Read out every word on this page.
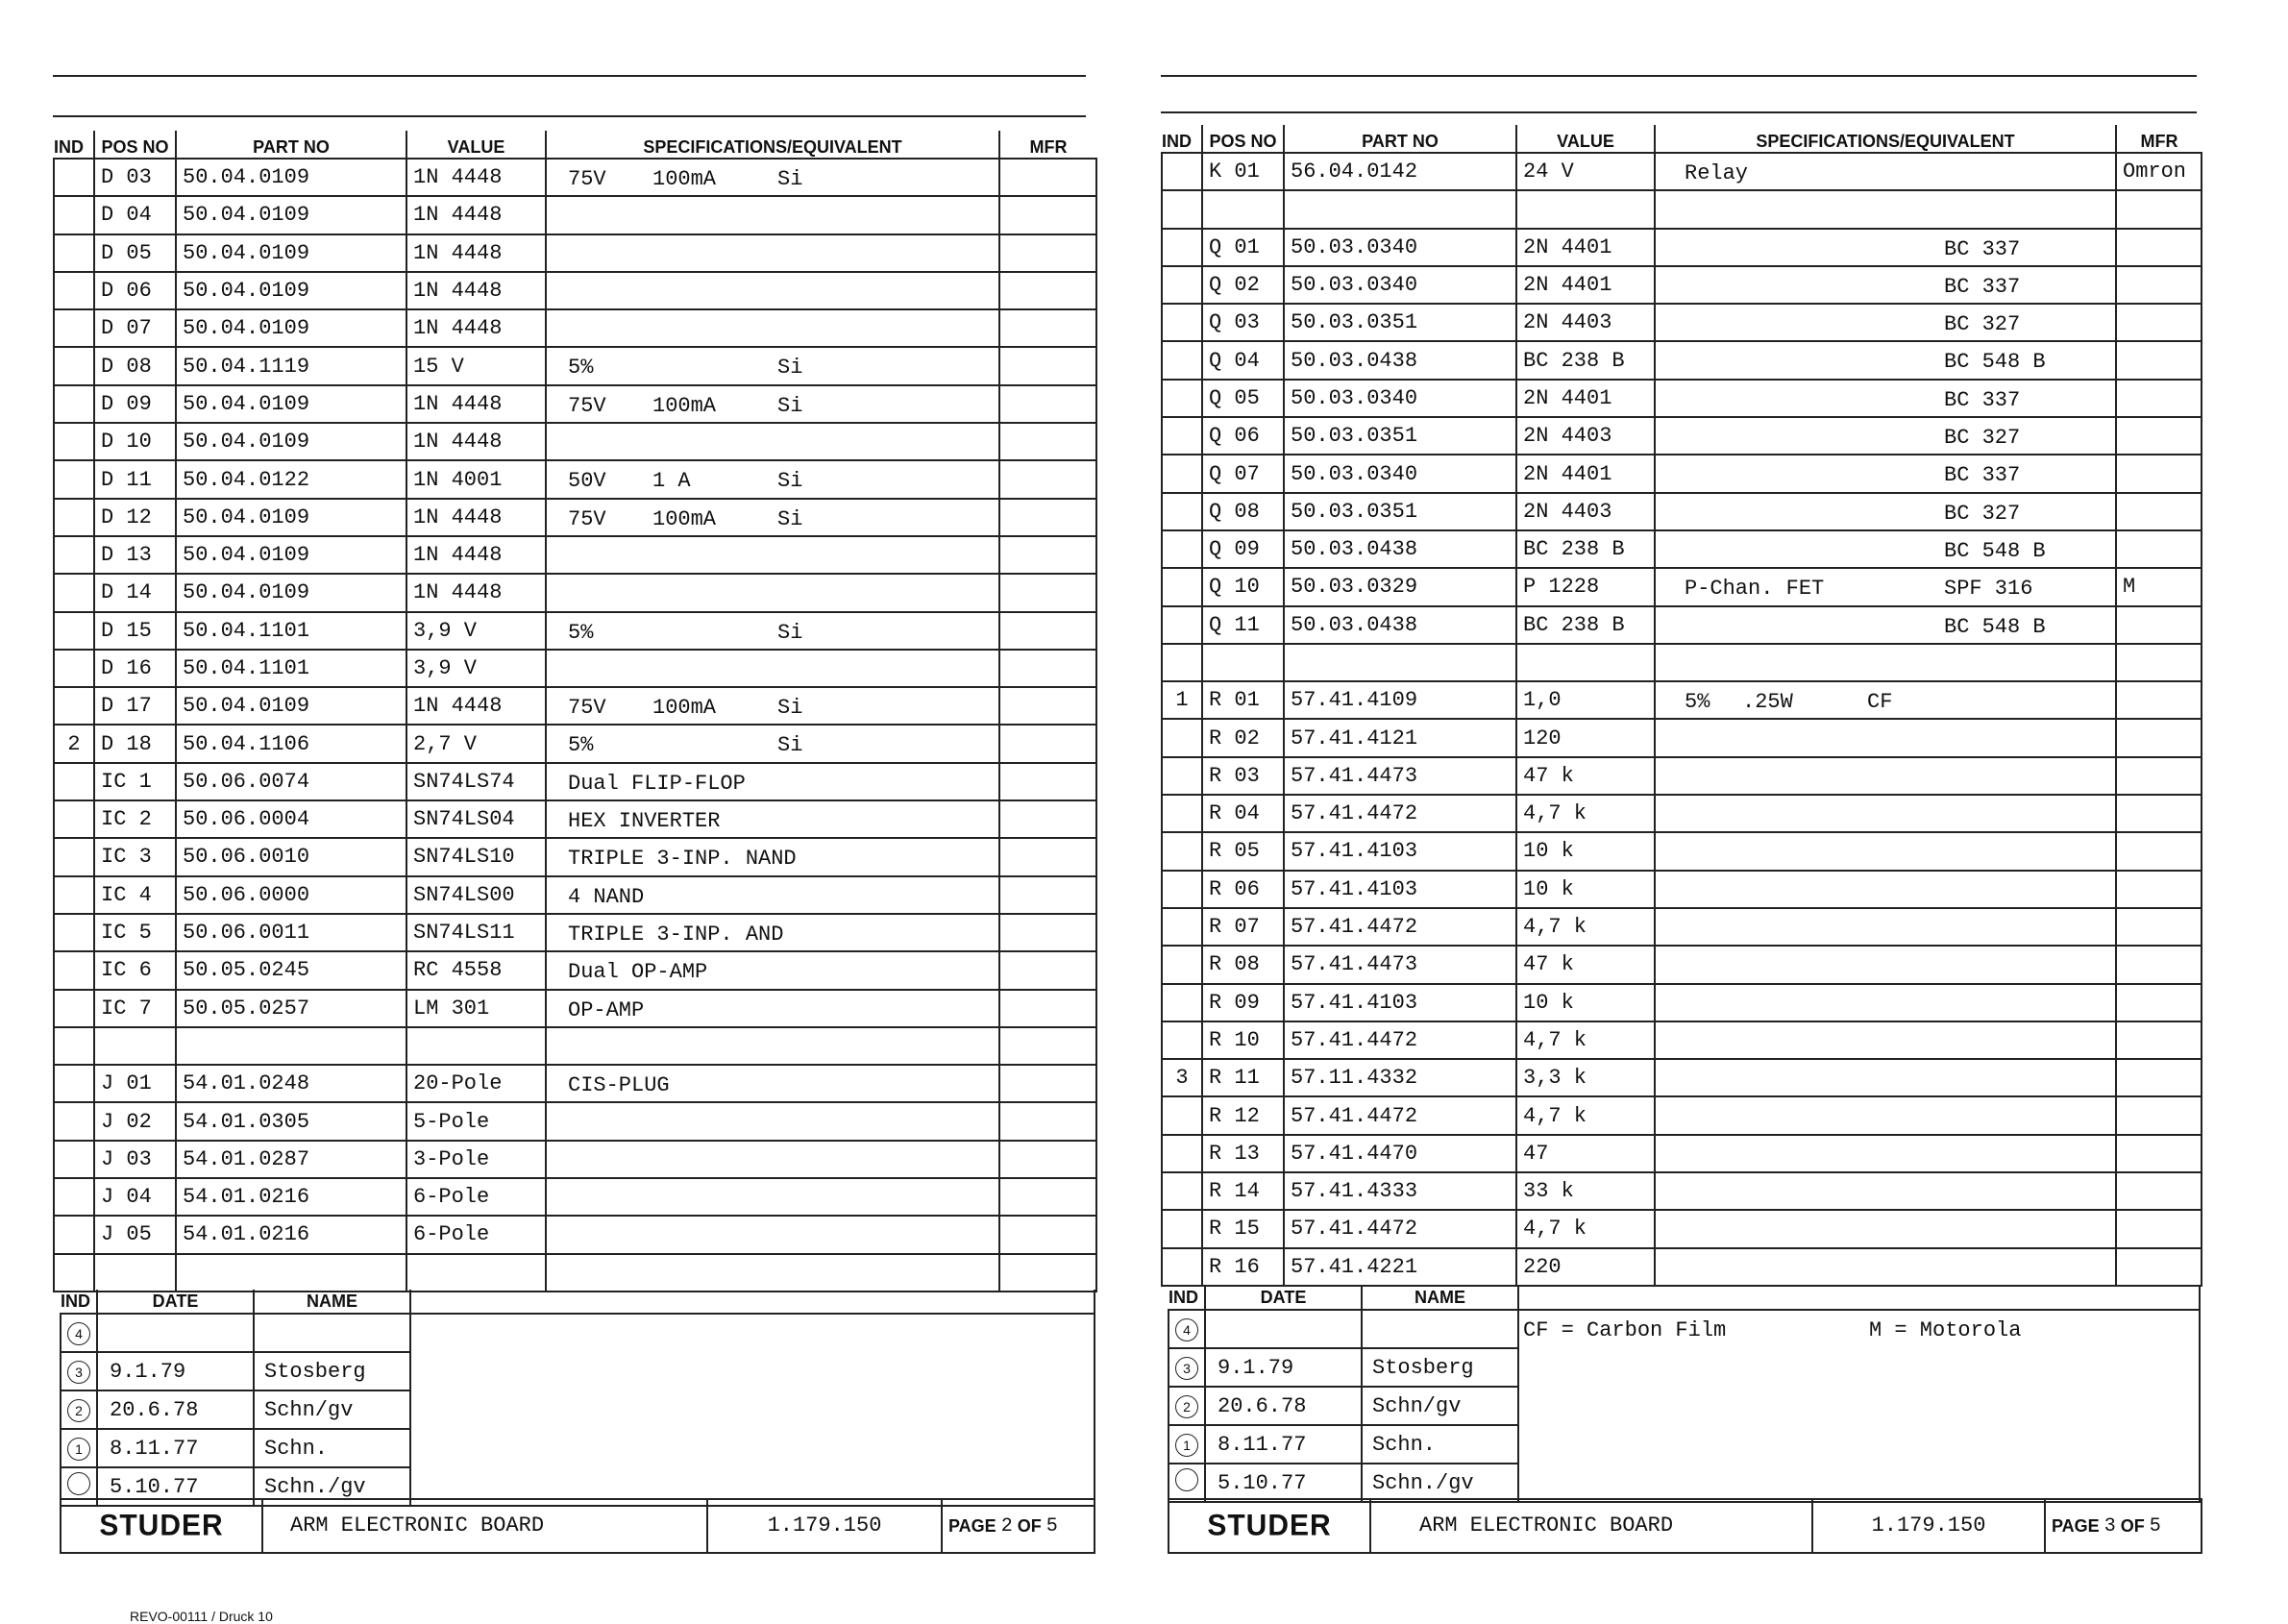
IND	POS NO	PART NO	VALUE	SPECIFICATIONS/EQUIVALENT	MFR
	D 03	50.04.0109	1N 4448	75V 100mA Si	

	D 04	50.04.0109	1N 4448	

	D 05	50.04.0109	1N 4448	

	D 06	50.04.0109	1N 4448	

	D 07	50.04.0109	1N 4448	

	D 08	50.04.1119	15 V	5% Si	

	D 09	50.04.0109	1N 4448	75V 100mA Si	

	D 10	50.04.0109	1N 4448	

	D 11	50.04.0122	1N 4001	50V 1 A Si	

	D 12	50.04.0109	1N 4448	75V 100mA Si	

	D 13	50.04.0109	1N 4448	

	D 14	50.04.0109	1N 4448	

	D 15	50.04.1101	3,9 V	5% Si	

	D 16	50.04.1101	3,9 V	

	D 17	50.04.0109	1N 4448	75V 100mA Si	

2	D 18	50.04.1106	2,7 V	5% Si	

	IC 1	50.06.0074	SN74LS74	Dual FLIP-FLOP	

	IC 2	50.06.0004	SN74LS04	HEX INVERTER	

	IC 3	50.06.0010	SN74LS10	TRIPLE 3-INP. NAND	

	IC 4	50.06.0000	SN74LS00	4 NAND	

	IC 5	50.06.0011	SN74LS11	TRIPLE 3-INP. AND	

	IC 6	50.05.0245	RC 4558	Dual OP-AMP	

	IC 7	50.05.0257	LM 301	OP-AMP	

	J 01	54.01.0248	20-Pole	CIS-PLUG	

	J 02	54.01.0305	5-Pole	

	J 03	54.01.0287	3-Pole	

	J 04	54.01.0216	6-Pole	

	J 05	54.01.0216	6-Pole	

IND	DATE	NAME	
4			

3	9.1.79	Stosberg	
2	20.6.78	Schn/gv	
1	8.11.77	Schn.	
	5.10.77	Schn./gv	
STUDER	ARM ELECTRONIC BOARD	1.179.150	PAGE
2
OF
5
IND	POS NO	PART NO	VALUE	SPECIFICATIONS/EQUIVALENT	MFR
	K 01	56.04.0142	24 V	Relay	Omron

	Q 01	50.03.0340	2N 4401	BC 337	

	Q 02	50.03.0340	2N 4401	BC 337	

	Q 03	50.03.0351	2N 4403	BC 327	

	Q 04	50.03.0438	BC 238 B	BC 548 B	

	Q 05	50.03.0340	2N 4401	BC 337	

	Q 06	50.03.0351	2N 4403	BC 327	

	Q 07	50.03.0340	2N 4401	BC 337	

	Q 08	50.03.0351	2N 4403	BC 327	

	Q 09	50.03.0438	BC 238 B	BC 548 B	

	Q 10	50.03.0329	P 1228	P-Chan. FET SPF 316	M
	Q 11	50.03.0438	BC 238 B	BC 548 B	

1	R 01	57.41.4109	1,0	5% .25W CF	

	R 02	57.41.4121	120	

	R 03	57.41.4473	47 k	

	R 04	57.41.4472	4,7 k	

	R 05	57.41.4103	10 k	

	R 06	57.41.4103	10 k	

	R 07	57.41.4472	4,7 k	

	R 08	57.41.4473	47 k	

	R 09	57.41.4103	10 k	

	R 10	57.41.4472	4,7 k	

3	R 11	57.11.4332	3,3 k	

	R 12	57.41.4472	4,7 k	

	R 13	57.41.4470	47	

	R 14	57.41.4333	33 k	

	R 15	57.41.4472	4,7 k	

	R 16	57.41.4221	220	

IND	DATE	NAME	
4			CF = Carbon Film M = Motorola

3	9.1.79	Stosberg	
2	20.6.78	Schn/gv	
1	8.11.77	Schn.	
	5.10.77	Schn./gv	
STUDER	ARM ELECTRONIC BOARD	1.179.150	PAGE
3
OF
5
REVO-00111 / Druck 10
